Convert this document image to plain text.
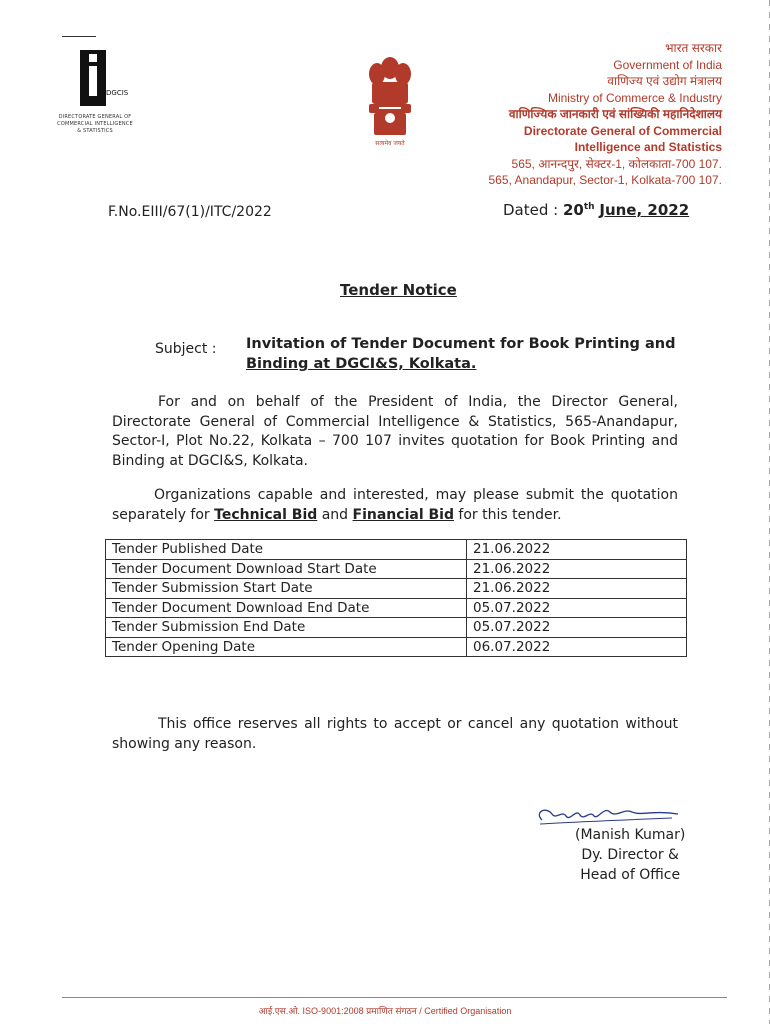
DGCIS
DIRECTORATE GENERAL OF COMMERCIAL INTELLIGENCE & STATISTICS
सत्यमेव जयते
भारत सरकार
Government of India
वाणिज्य एवं उद्योग मंत्रालय
Ministry of Commerce & Industry
वाणिज्यिक जानकारी एवं सांख्यिकी महानिदेशालय
Directorate General of Commercial
Intelligence and Statistics
565, आनन्दपुर, सेक्टर-1, कोलकाता-700 107.
565, Anandapur, Sector-1, Kolkata-700 107.
F.No.EIII/67(1)/ITC/2022	Dated : 20th June, 2022
Tender Notice
Subject : Invitation of Tender Document for Book Printing and
Binding at DGCI&S, Kolkata.
For and on behalf of the President of India, the Director General, Directorate General of Commercial Intelligence & Statistics, 565-Anandapur, Sector-I, Plot No.22, Kolkata – 700 107 invites quotation for Book Printing and Binding at DGCI&S, Kolkata.
Organizations capable and interested, may please submit the quotation separately for Technical Bid and Financial Bid for this tender.
Tender Published Date	21.06.2022
Tender Document Download Start Date	21.06.2022
Tender Submission Start Date	21.06.2022
Tender Document Download End Date	05.07.2022
Tender Submission End Date	05.07.2022
Tender Opening Date	06.07.2022
This office reserves all rights to accept or cancel any quotation without showing any reason.
(Manish Kumar)
Dy. Director &
Head of Office
आई.एस.ओ. ISO-9001:2008 प्रमाणित संगठन / Certified Organisation
